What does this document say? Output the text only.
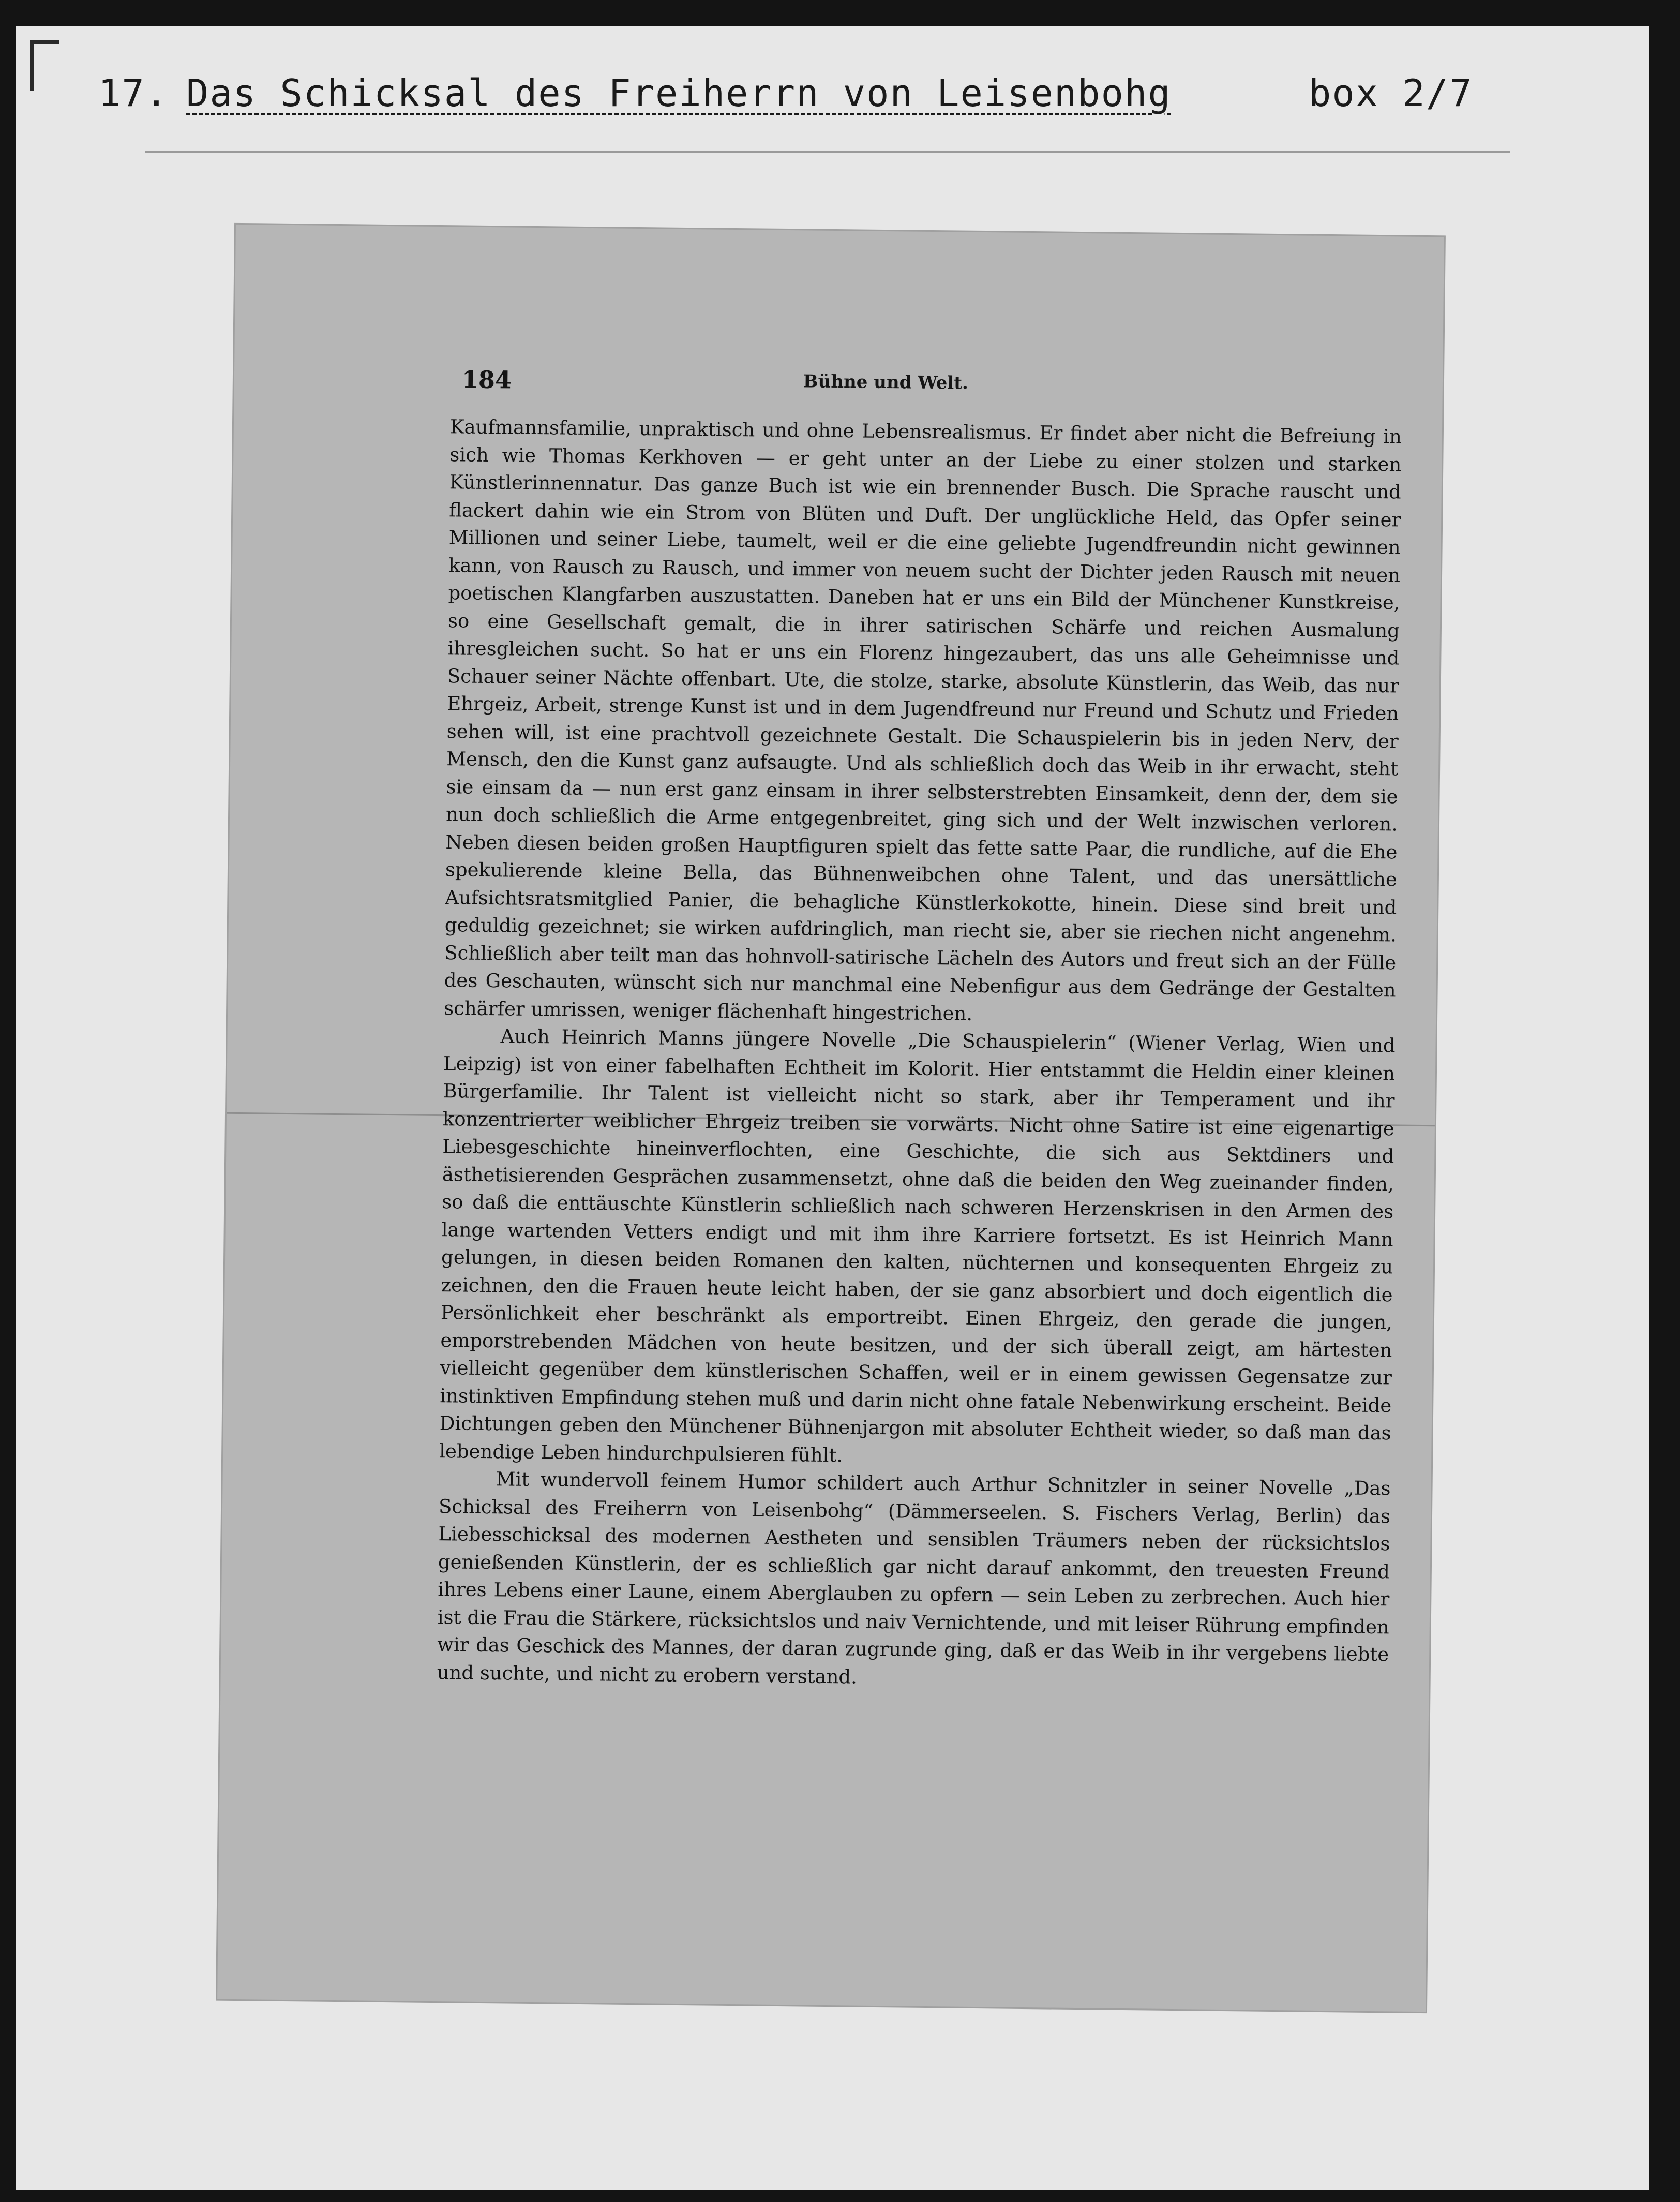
17. Das Schicksal des Freiherrn von Leisenbohg	box 2/7
184	Bühne und Welt.

Kaufmannsfamilie, unpraktisch und ohne Lebensrealismus. Er findet aber nicht die Befreiung in sich wie Thomas Kerkhoven — er geht unter an der Liebe zu einer stolzen und starken Künstlerinnennatur. Das ganze Buch ist wie ein brennender Busch. Die Sprache rauscht und flackert dahin wie ein Strom von Blüten und Duft. Der unglückliche Held, das Opfer seiner Millionen und seiner Liebe, taumelt, weil er die eine geliebte Jugendfreundin nicht gewinnen kann, von Rausch zu Rausch, und immer von neuem sucht der Dichter jeden Rausch mit neuen poetischen Klangfarben auszustatten. Daneben hat er uns ein Bild der Münchener Kunstkreise, so eine Gesellschaft gemalt, die in ihrer satirischen Schärfe und reichen Ausmalung ihresgleichen sucht. So hat er uns ein Florenz hingezaubert, das uns alle Geheimnisse und Schauer seiner Nächte offenbart. Ute, die stolze, starke, absolute Künstlerin, das Weib, das nur Ehrgeiz, Arbeit, strenge Kunst ist und in dem Jugendfreund nur Freund und Schutz und Frieden sehen will, ist eine prachtvoll gezeichnete Gestalt. Die Schauspielerin bis in jeden Nerv, der Mensch, den die Kunst ganz aufsaugte. Und als schließlich doch das Weib in ihr erwacht, steht sie einsam da — nun erst ganz einsam in ihrer selbsterstrebten Einsamkeit, denn der, dem sie nun doch schließlich die Arme entgegenbreitet, ging sich und der Welt inzwischen verloren. Neben diesen beiden großen Hauptfiguren spielt das fette satte Paar, die rundliche, auf die Ehe spekulierende kleine Bella, das Bühnenweibchen ohne Talent, und das unersättliche Aufsichtsratsmitglied Panier, die behagliche Künstlerkokotte, hinein. Diese sind breit und geduldig gezeichnet; sie wirken aufdringlich, man riecht sie, aber sie riechen nicht angenehm. Schließlich aber teilt man das hohnvoll-satirische Lächeln des Autors und freut sich an der Fülle des Geschauten, wünscht sich nur manchmal eine Nebenfigur aus dem Gedränge der Gestalten schärfer umrissen, weniger flächenhaft hingestrichen.

Auch Heinrich Manns jüngere Novelle „Die Schauspielerin“ (Wiener Verlag, Wien und Leipzig) ist von einer fabelhaften Echtheit im Kolorit. Hier entstammt die Heldin einer kleinen Bürgerfamilie. Ihr Talent ist vielleicht nicht so stark, aber ihr Temperament und ihr konzentrierter weiblicher Ehrgeiz treiben sie vorwärts. Nicht ohne Satire ist eine eigenartige Liebesgeschichte hineinverflochten, eine Geschichte, die sich aus Sektdiners und ästhetisierenden Gesprächen zusammensetzt, ohne daß die beiden den Weg zueinander finden, so daß die enttäuschte Künstlerin schließlich nach schweren Herzenskrisen in den Armen des lange wartenden Vetters endigt und mit ihm ihre Karriere fortsetzt. Es ist Heinrich Mann gelungen, in diesen beiden Romanen den kalten, nüchternen und konsequenten Ehrgeiz zu zeichnen, den die Frauen heute leicht haben, der sie ganz absorbiert und doch eigentlich die Persönlichkeit eher beschränkt als emportreibt. Einen Ehrgeiz, den gerade die jungen, emporstrebenden Mädchen von heute besitzen, und der sich überall zeigt, am härtesten vielleicht gegenüber dem künstlerischen Schaffen, weil er in einem gewissen Gegensatze zur instinktiven Empfindung stehen muß und darin nicht ohne fatale Nebenwirkung erscheint. Beide Dichtungen geben den Münchener Bühnenjargon mit absoluter Echtheit wieder, so daß man das lebendige Leben hindurchpulsieren fühlt.

Mit wundervoll feinem Humor schildert auch Arthur Schnitzler in seiner Novelle „Das Schicksal des Freiherrn von Leisenbohg“ (Dämmerseelen. S. Fischers Verlag, Berlin) das Liebesschicksal des modernen Aestheten und sensiblen Träumers neben der rücksichtslos genießenden Künstlerin, der es schließlich gar nicht darauf ankommt, den treuesten Freund ihres Lebens einer Laune, einem Aberglauben zu opfern — sein Leben zu zerbrechen. Auch hier ist die Frau die Stärkere, rücksichtslos und naiv Vernichtende, und mit leiser Rührung empfinden wir das Geschick des Mannes, der daran zugrunde ging, daß er das Weib in ihr vergebens liebte und suchte, und nicht zu erobern verstand.
